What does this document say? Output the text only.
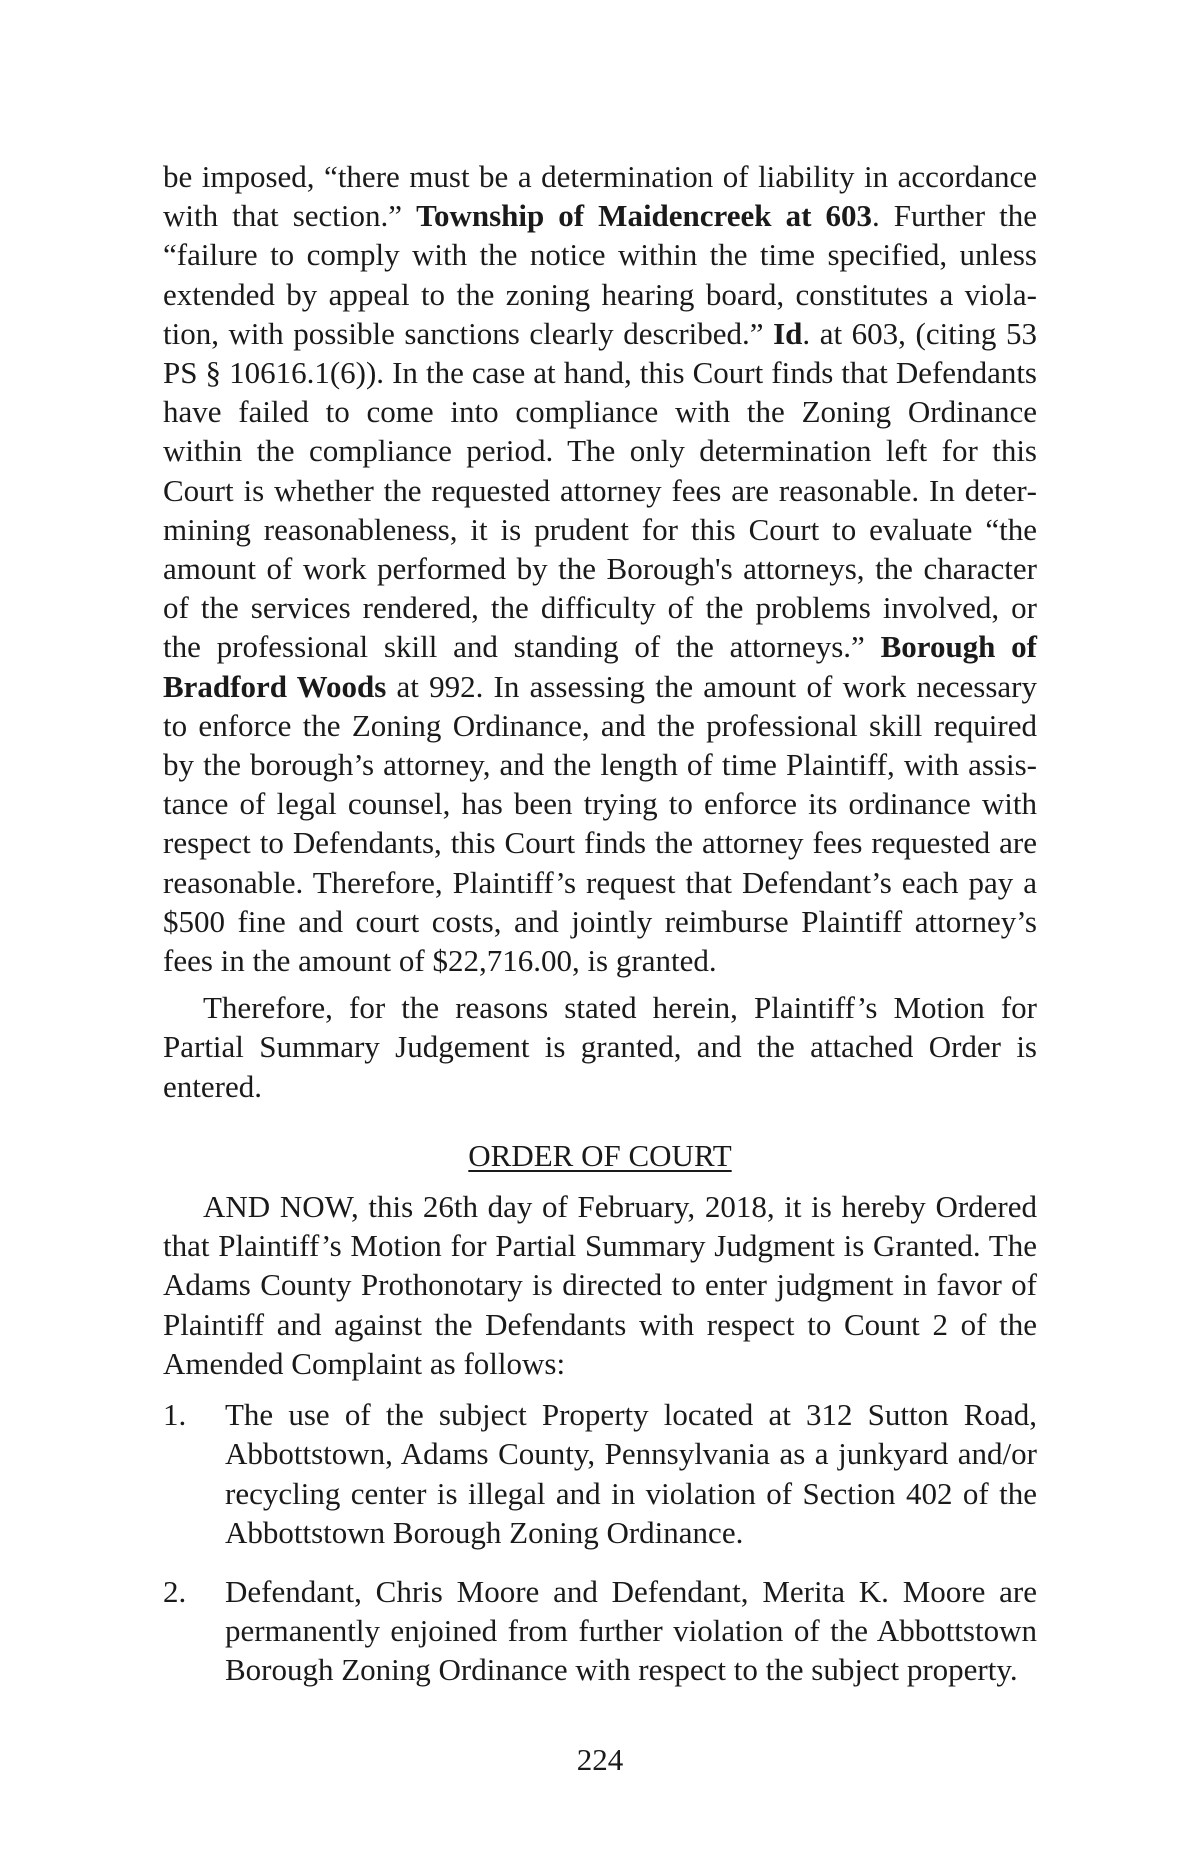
be imposed, “there must be a determination of liability in accordance with that section.” Township of Maidencreek at 603. Further the “failure to comply with the notice within the time specified, unless extended by appeal to the zoning hearing board, constitutes a violation, with possible sanctions clearly described.” Id. at 603, (citing 53 PS § 10616.1(6)). In the case at hand, this Court finds that Defendants have failed to come into compliance with the Zoning Ordinance within the compliance period. The only determination left for this Court is whether the requested attorney fees are reasonable. In determining reasonableness, it is prudent for this Court to evaluate “the amount of work performed by the Borough's attorneys, the character of the services rendered, the difficulty of the problems involved, or the professional skill and standing of the attorneys.” Borough of Bradford Woods at 992. In assessing the amount of work necessary to enforce the Zoning Ordinance, and the professional skill required by the borough’s attorney, and the length of time Plaintiff, with assistance of legal counsel, has been trying to enforce its ordinance with respect to Defendants, this Court finds the attorney fees requested are reasonable. Therefore, Plaintiff’s request that Defendant’s each pay a $500 fine and court costs, and jointly reimburse Plaintiff attorney’s fees in the amount of $22,716.00, is granted.

Therefore, for the reasons stated herein, Plaintiff’s Motion for Partial Summary Judgement is granted, and the attached Order is entered.

ORDER OF COURT

AND NOW, this 26th day of February, 2018, it is hereby Ordered that Plaintiff’s Motion for Partial Summary Judgment is Granted. The Adams County Prothonotary is directed to enter judgment in favor of Plaintiff and against the Defendants with respect to Count 2 of the Amended Complaint as follows:

1. The use of the subject Property located at 312 Sutton Road, Abbottstown, Adams County, Pennsylvania as a junkyard and/​or recycling center is illegal and in violation of Section 402 of the Abbottstown Borough Zoning Ordinance.
2. Defendant, Chris Moore and Defendant, Merita K. Moore are permanently enjoined from further violation of the Abbottstown Borough Zoning Ordinance with respect to the subject property.
224
